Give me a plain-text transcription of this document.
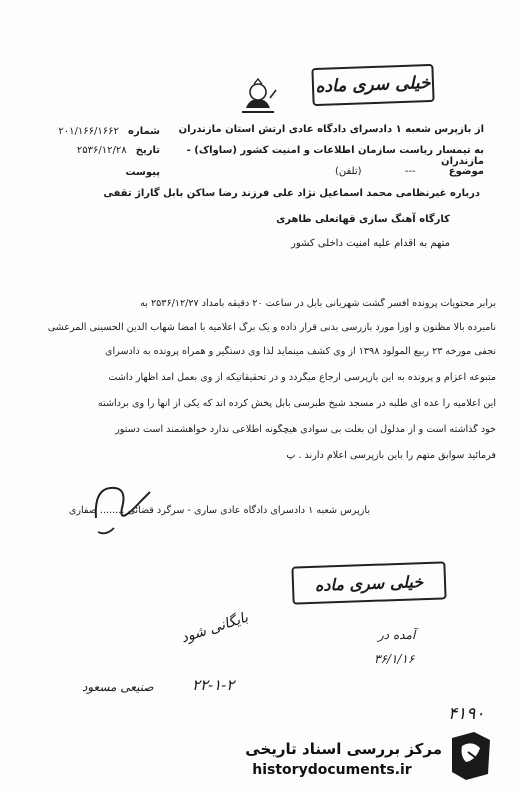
خیلی سری ماده
شماره ۲۰۱/۱۶۶/۱۶۶۲
تاریخ ۲۵۳۶/۱۲/۲۸
پیوست
از بازپرس شعبه ۱ دادسرای دادگاه عادی ارتش استان مازندران
به تیمسار ریاست سازمان اطلاعات و امنیت کشور (ساواک) - مازندران
موضوع --- (تلفن)
درباره غیرنظامی محمد اسماعیل نژاد علی فرزند رضا ساکن بابل گاراژ تقفی
کارگاه آهنگ سازی قهاتعلی طاهری
متهم به اقدام علیه امنیت داخلی کشور
برابر محتویات پرونده افسر گشت شهربانی بابل در ساعت ۲۰ دقیقه بامداد ۲۵۳۶/۱۲/۲۷ به
نامبرده بالا مظنون و اورا مورد بازرسی بدنی قرار داده و یک برگ اعلامیه با امضا شهاب الدین الحسینی المرعشی
نجفی مورخه ۲۳ ربیع المولود ۱۳۹۸ از وی کشف مینماید لذا وی دستگیر و همراه پرونده به دادسرای
متبوعه اعزام و پرونده به این بازپرسی ارجاع میگردد و در تحقیقاتیکه از وی بعمل آمد اظهار داشت
این اعلامیه را عده ای طلبه در مسجد شیخ طبرسی بابل پخش کرده اند که یکی از آنها را وی برداشته
خود گذاشته است و از مدلول آن بعلت بی سوادی هیچگونه اطلاعی ندارد خواهشمند است دستور
فرمائید سوابق متهم را باین بازپرسی اعلام دارند . پ
بازپرس شعبه ۱ دادسرای دادگاه عادی ساری - سرگرد قضائی ........ صفاری
خیلی سری ماده
بایگانی شود
۲۲-۱-۲
آمده در
۳۶/۱/۱۶
صنیعی مسعود
۴۱۹۰
مرکز بررسی اسناد تاریخی
historydocuments.ir
